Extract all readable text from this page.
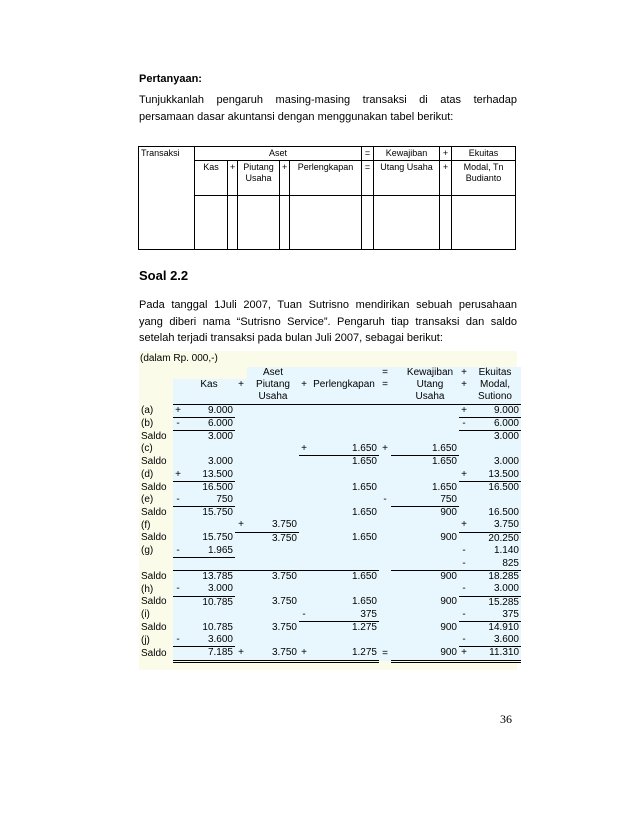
Pertanyaan:
Tunjukkanlah pengaruh masing-masing transaksi di atas terhadap
persamaan dasar akuntansi dengan menggunakan tabel berikut:
Transaksi	Aset					=	Kewajiban	+	Ekuitas
	Kas	+	Piutang Usaha	+	Perlengkapan	=	Utang Usaha	+	Modal, Tn Budianto

Soal 2.2
Pada tanggal 1Juli 2007, Tuan Sutrisno mendirikan sebuah perusahaan
yang diberi nama “Sutrisno Service”. Pengaruh tiap transaksi dan saldo
setelah terjadi transaksi pada bulan Juli 2007, sebagai berikut:
(dalam Rp. 000,-)
				Aset			=		Kewajiban	+	Ekuitas
		Kas	+	Piutang	+	Perlengkapan	=		Utang	+	Modal,
				Usaha					Usaha		Sutiono
(a)	+	9.000								+	9.000
(b)	-	6.000								-	6.000
Saldo		3.000									3.000
(c)					+	1.650	+		1.650		
Saldo		3.000				1.650			1.650		3.000
(d)	+	13.500								+	13.500
Saldo		16.500				1.650			1.650		16.500
(e)	-	750					-		750		
Saldo		15.750				1.650			900		16.500
(f)			+	3.750						+	3.750
Saldo		15.750		3.750		1.650			900		20.250
(g)	-	1.965								-	1.140
										-	825
Saldo		13.785		3.750		1.650			900		18.285
(h)	-	3.000								-	3.000
Saldo		10.785		3.750		1.650			900		15.285
(i)					-	375				-	375
Saldo		10.785		3.750		1.275			900		14.910
(j)	-	3.600								-	3.600
Saldo		7.185	+	3.750	+	1.275	=		900	+	11.310
36
